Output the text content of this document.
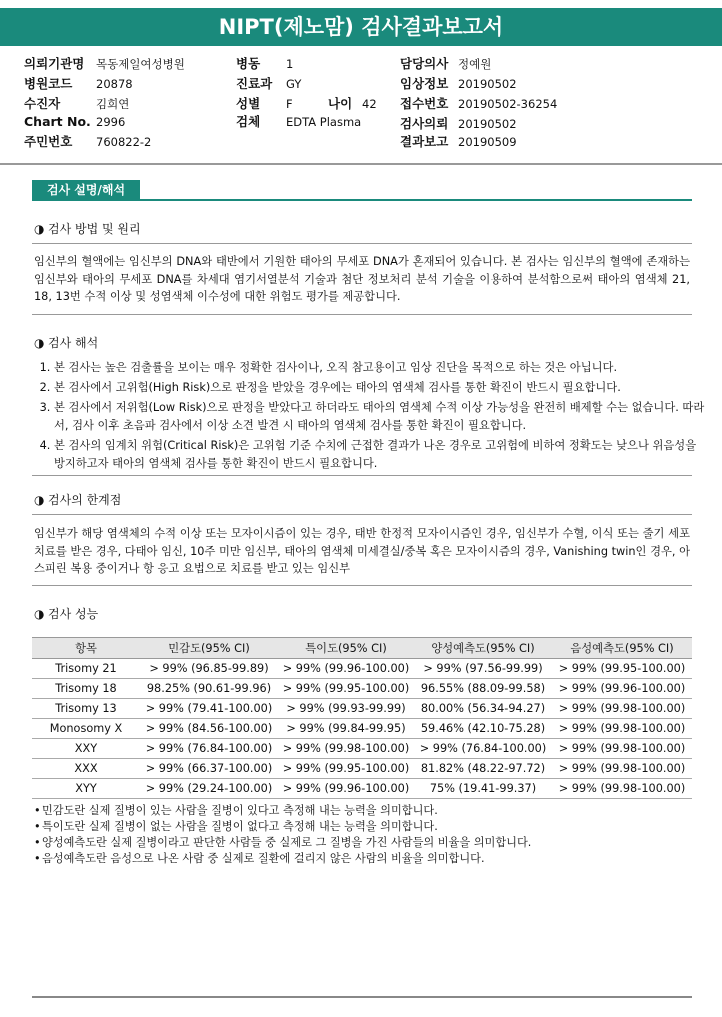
NIPT(제노맘) 검사결과보고서
의뢰기관명 목동제일여성병원
병원코드 20878
수진자	김희연
Chart No. 2996
주민번호 760822-2
병동 1
진료과 GY
성별 F	나이 42
검체 EDTA Plasma
담당의사 정예원
임상정보 20190502
접수번호 20190502-36254
검사의뢰 20190502
결과보고 20190509
검사 설명/해석
◑ 검사 방법 및 원리
임신부의 혈액에는 임신부의 DNA와 태반에서 기원한 태아의 무세포 DNA가 혼재되어 있습니다. 본 검사는 임신부의 혈액에 존재하는 임신부와 태아의 무세포 DNA를 차세대 염기서열분석 기술과 첨단 정보처리 분석 기술을 이용하여 분석함으로써 태아의 염색체 21, 18, 13번 수적 이상 및 성염색체 이수성에 대한 위험도 평가를 제공합니다.
◑ 검사 해석
1. 본 검사는 높은 검출률을 보이는 매우 정확한 검사이나, 오직 참고용이고 임상 진단을 목적으로 하는 것은 아닙니다.
2. 본 검사에서 고위험(High Risk)으로 판정을 받았을 경우에는 태아의 염색체 검사를 통한 확진이 반드시 필요합니다.
3. 본 검사에서 저위험(Low Risk)으로 판정을 받았다고 하더라도 태아의 염색체 수적 이상 가능성을 완전히 배제할 수는 없습니다. 따라서, 검사 이후 초음파 검사에서 이상 소견 발견 시 태아의 염색체 검사를 통한 확진이 필요합니다.
4. 본 검사의 임계치 위험(Critical Risk)은 고위험 기준 수치에 근접한 결과가 나온 경우로 고위험에 비하여 정확도는 낮으나 위음성을 방지하고자 태아의 염색체 검사를 통한 확진이 반드시 필요합니다.
◑ 검사의 한계점
임신부가 해당 염색체의 수적 이상 또는 모자이시즘이 있는 경우, 태반 한정적 모자이시즘인 경우, 임신부가 수혈, 이식 또는 줄기 세포 치료를 받은 경우, 다태아 임신, 10주 미만 임신부, 태아의 염색체 미세결실/중복 혹은 모자이시즘의 경우, Vanishing twin인 경우, 아스피린 복용 중이거나 항 응고 요법으로 치료를 받고 있는 임신부
◑ 검사 성능
항목	민감도(95% CI)	특이도(95% CI)	양성예측도(95% CI)	음성예측도(95% CI)
Trisomy 21	> 99% (96.85-99.89)	> 99% (99.96-100.00)	> 99% (97.56-99.99)	> 99% (99.95-100.00)
Trisomy 18	98.25% (90.61-99.96)	> 99% (99.95-100.00)	96.55% (88.09-99.58)	> 99% (99.96-100.00)
Trisomy 13	> 99% (79.41-100.00)	> 99% (99.93-99.99)	80.00% (56.34-94.27)	> 99% (99.98-100.00)
Monosomy X	> 99% (84.56-100.00)	> 99% (99.84-99.95)	59.46% (42.10-75.28)	> 99% (99.98-100.00)
XXY	> 99% (76.84-100.00)	> 99% (99.98-100.00)	> 99% (76.84-100.00)	> 99% (99.98-100.00)
XXX	> 99% (66.37-100.00)	> 99% (99.95-100.00)	81.82% (48.22-97.72)	> 99% (99.98-100.00)
XYY	> 99% (29.24-100.00)	> 99% (99.96-100.00)	75% (19.41-99.37)	> 99% (99.98-100.00)
• 민감도란 실제 질병이 있는 사람을 질병이 있다고 측정해 내는 능력을 의미합니다.
• 특이도란 실제 질병이 없는 사람을 질병이 없다고 측정해 내는 능력을 의미합니다.
• 양성예측도란 실제 질병이라고 판단한 사람들 중 실제로 그 질병을 가진 사람들의 비율을 의미합니다.
• 음성예측도란 음성으로 나온 사람 중 실제로 질환에 걸리지 않은 사람의 비율을 의미합니다.
